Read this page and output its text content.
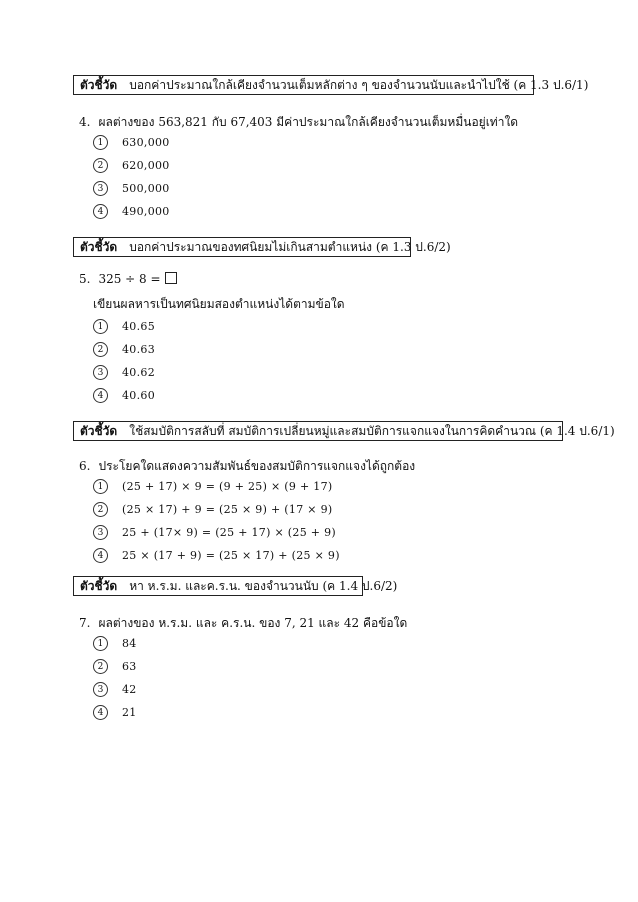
ตัวชี้วัด บอกค่าประมาณใกล้เคียงจำนวนเต็มหลักต่าง ๆ ของจำนวนนับและนำไปใช้ (ค 1.3 ป.6/1)
4. ผลต่างของ 563,821 กับ 67,403 มีค่าประมาณใกล้เคียงจำนวนเต็มหมื่นอยู่เท่าใด
1	630,000
2	620,000
3	500,000
4	490,000
ตัวชี้วัด บอกค่าประมาณของทศนิยมไม่เกินสามตำแหน่ง (ค 1.3 ป.6/2)
5. 325 ÷ 8 =
เขียนผลหารเป็นทศนิยมสองตำแหน่งได้ตามข้อใด
1	40.65
2	40.63
3	40.62
4	40.60
ตัวชี้วัด ใช้สมบัติการสลับที่ สมบัติการเปลี่ยนหมู่และสมบัติการแจกแจงในการคิดคำนวณ (ค 1.4 ป.6/1)
6. ประโยคใดแสดงความสัมพันธ์ของสมบัติการแจกแจงได้ถูกต้อง
1	(25 + 17) × 9 = (9 + 25) × (9 + 17)
2	(25 × 17) + 9 = (25 × 9) + (17 × 9)
3	25 + (17× 9) = (25 + 17) × (25 + 9)
4	25 × (17 + 9) = (25 × 17) + (25 × 9)
ตัวชี้วัด หา ห.ร.ม. และค.ร.น. ของจำนวนนับ (ค 1.4 ป.6/2)
7. ผลต่างของ ห.ร.ม. และ ค.ร.น. ของ 7, 21 และ 42 คือข้อใด
1	84
2	63
3	42
4	21
